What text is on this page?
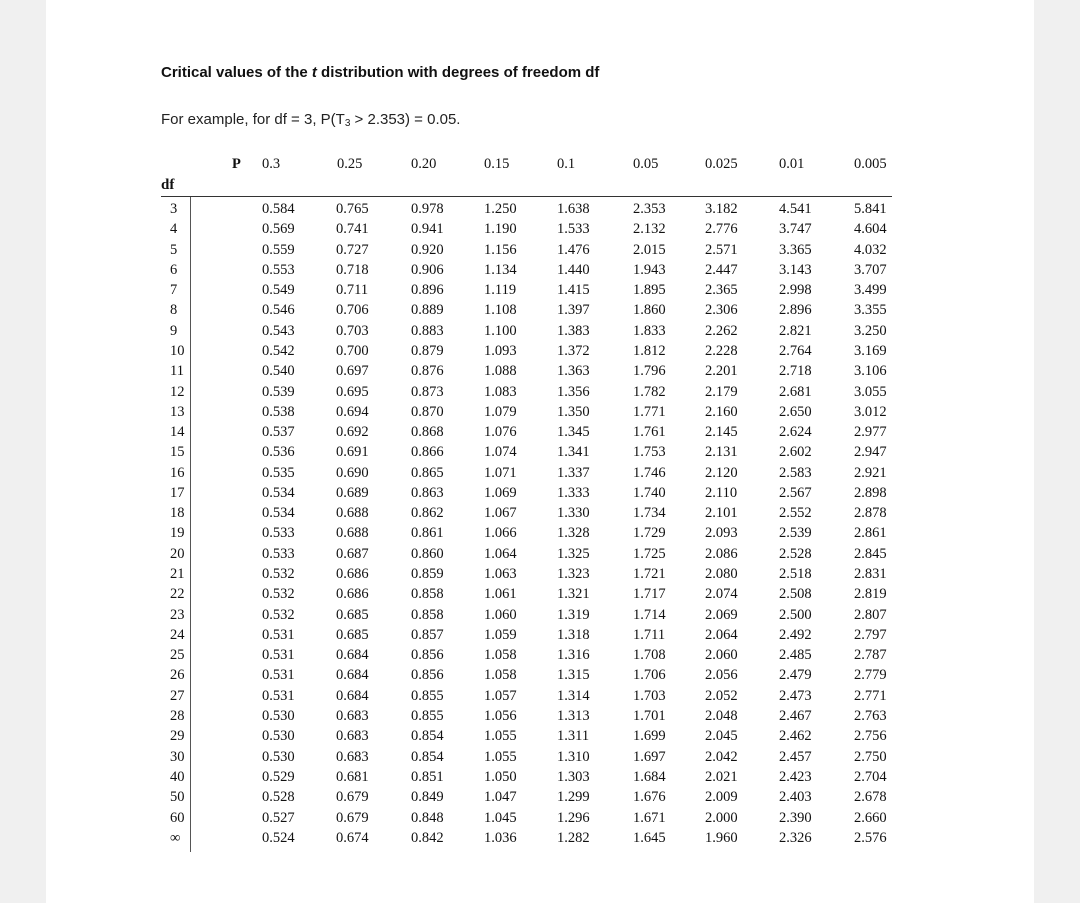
Critical values of the t distribution with degrees of freedom df
For example, for df = 3, $P(T_3 > 2.353) = 0.05$.
P 0.3	0.25	0.20	0.15	0.1	0.05	0.025	0.01	0.005
df
3	0.584	0.765	0.978	1.250	1.638	2.353	3.182	4.541	5.841
4	0.569	0.741	0.941	1.190	1.533	2.132	2.776	3.747	4.604
5	0.559	0.727	0.920	1.156	1.476	2.015	2.571	3.365	4.032
6	0.553	0.718	0.906	1.134	1.440	1.943	2.447	3.143	3.707
7	0.549	0.711	0.896	1.119	1.415	1.895	2.365	2.998	3.499
8	0.546	0.706	0.889	1.108	1.397	1.860	2.306	2.896	3.355
9	0.543	0.703	0.883	1.100	1.383	1.833	2.262	2.821	3.250
10	0.542	0.700	0.879	1.093	1.372	1.812	2.228	2.764	3.169
11	0.540	0.697	0.876	1.088	1.363	1.796	2.201	2.718	3.106
12	0.539	0.695	0.873	1.083	1.356	1.782	2.179	2.681	3.055
13	0.538	0.694	0.870	1.079	1.350	1.771	2.160	2.650	3.012
14	0.537	0.692	0.868	1.076	1.345	1.761	2.145	2.624	2.977
15	0.536	0.691	0.866	1.074	1.341	1.753	2.131	2.602	2.947
16	0.535	0.690	0.865	1.071	1.337	1.746	2.120	2.583	2.921
17	0.534	0.689	0.863	1.069	1.333	1.740	2.110	2.567	2.898
18	0.534	0.688	0.862	1.067	1.330	1.734	2.101	2.552	2.878
19	0.533	0.688	0.861	1.066	1.328	1.729	2.093	2.539	2.861
20	0.533	0.687	0.860	1.064	1.325	1.725	2.086	2.528	2.845
21	0.532	0.686	0.859	1.063	1.323	1.721	2.080	2.518	2.831
22	0.532	0.686	0.858	1.061	1.321	1.717	2.074	2.508	2.819
23	0.532	0.685	0.858	1.060	1.319	1.714	2.069	2.500	2.807
24	0.531	0.685	0.857	1.059	1.318	1.711	2.064	2.492	2.797
25	0.531	0.684	0.856	1.058	1.316	1.708	2.060	2.485	2.787
26	0.531	0.684	0.856	1.058	1.315	1.706	2.056	2.479	2.779
27	0.531	0.684	0.855	1.057	1.314	1.703	2.052	2.473	2.771
28	0.530	0.683	0.855	1.056	1.313	1.701	2.048	2.467	2.763
29	0.530	0.683	0.854	1.055	1.311	1.699	2.045	2.462	2.756
30	0.530	0.683	0.854	1.055	1.310	1.697	2.042	2.457	2.750
40	0.529	0.681	0.851	1.050	1.303	1.684	2.021	2.423	2.704
50	0.528	0.679	0.849	1.047	1.299	1.676	2.009	2.403	2.678
60	0.527	0.679	0.848	1.045	1.296	1.671	2.000	2.390	2.660
∞	0.524	0.674	0.842	1.036	1.282	1.645	1.960	2.326	2.576
